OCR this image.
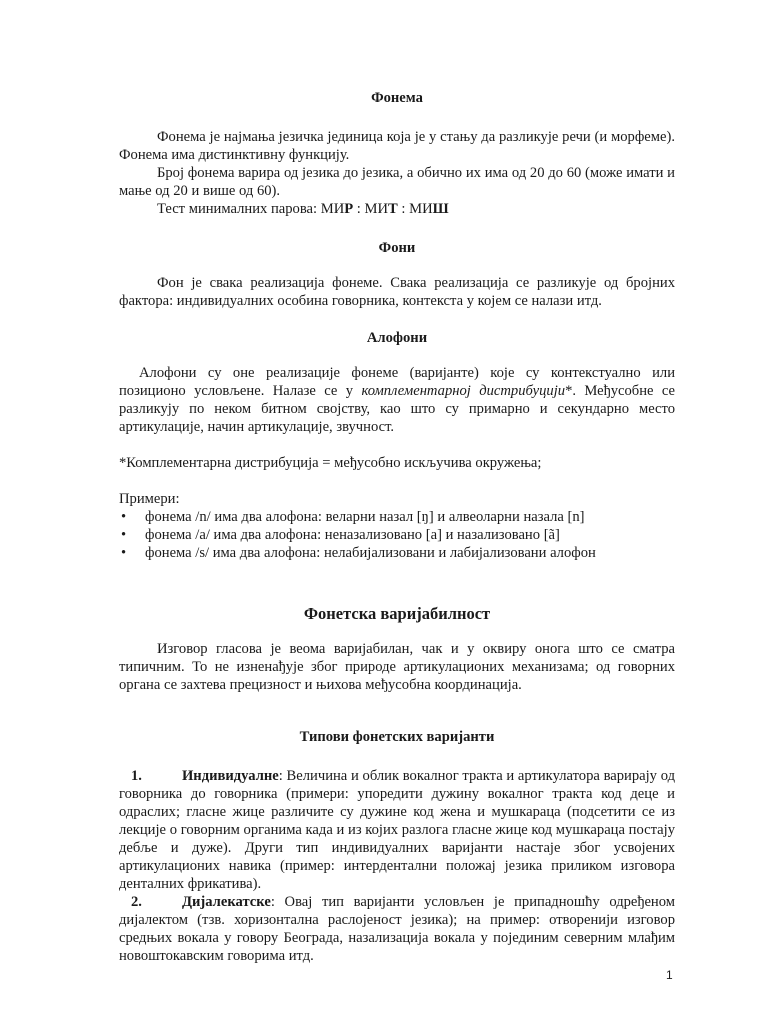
Фонема

Фонема је најмања језичка јединица која је у стању да разликује речи (и морфеме). Фонема има дистинктивну функцију.

Број фонема варира од језика до језика, а обично их има од 20 до 60 (може имати и мање од 20 и више од 60).

Тест минималних парова: МИР : МИТ : МИШ

Фони

Фон је свака реализација фонеме. Свака реализација се разликује од бројних фактора: индивидуалних особина говорника, контекста у којем се налази итд.

Алофони

Алофони су оне реализације фонеме (варијанте) које су контекстуално или позиционо условљене. Налазе се у комплементарној дистрибуцији*. Међусобне се разликују по неком битном својству, као што су примарно и секундарно место артикулације, начин артикулације, звучност.

*Комплементарна дистрибуција = међусобно искључива окружења;

Примери:

• фонема /n/ има два алофона: веларни назал [ŋ] и алвеоларни назала [n]
• фонема /a/ има два алофона: неназализовано [a] и назализовано [ã]
• фонема /s/ има два алофона: нелабијализовани и лабијализовани алофон
Фонетска варијабилност

Изговор гласова је веома варијабилан, чак и у оквиру онога што се сматра типичним. То не изненађује због природе артикулационих механизама; од говорних органа се захтева прецизност и њихова међусобна координација.

Типови фонетских варијанти

1.	Индивидуалне: Величина и облик вокалног тракта и артикулатора варирају од говорника до говорника (примери: упоредити дужину вокалног тракта код деце и одраслих; гласне жице различите су дужине код жена и мушкараца (подсетити се из лекције о говорним органима када и из којих разлога гласне жице код мушкараца постају дебље и дуже). Други тип индивидуалних варијанти настаје због усвојених артикулационих навика (пример: интердентални положај језика приликом изговора денталних фрикатива).

2.	Дијалекатске: Овај тип варијанти условљен је припадношћу одређеном дијалектом (тзв. хоризонтална раслојеност језика); на пример: отворенији изговор средњих вокала у говору Београда, назализација вокала у појединим северним млађим новоштокавским говорима итд.

1
